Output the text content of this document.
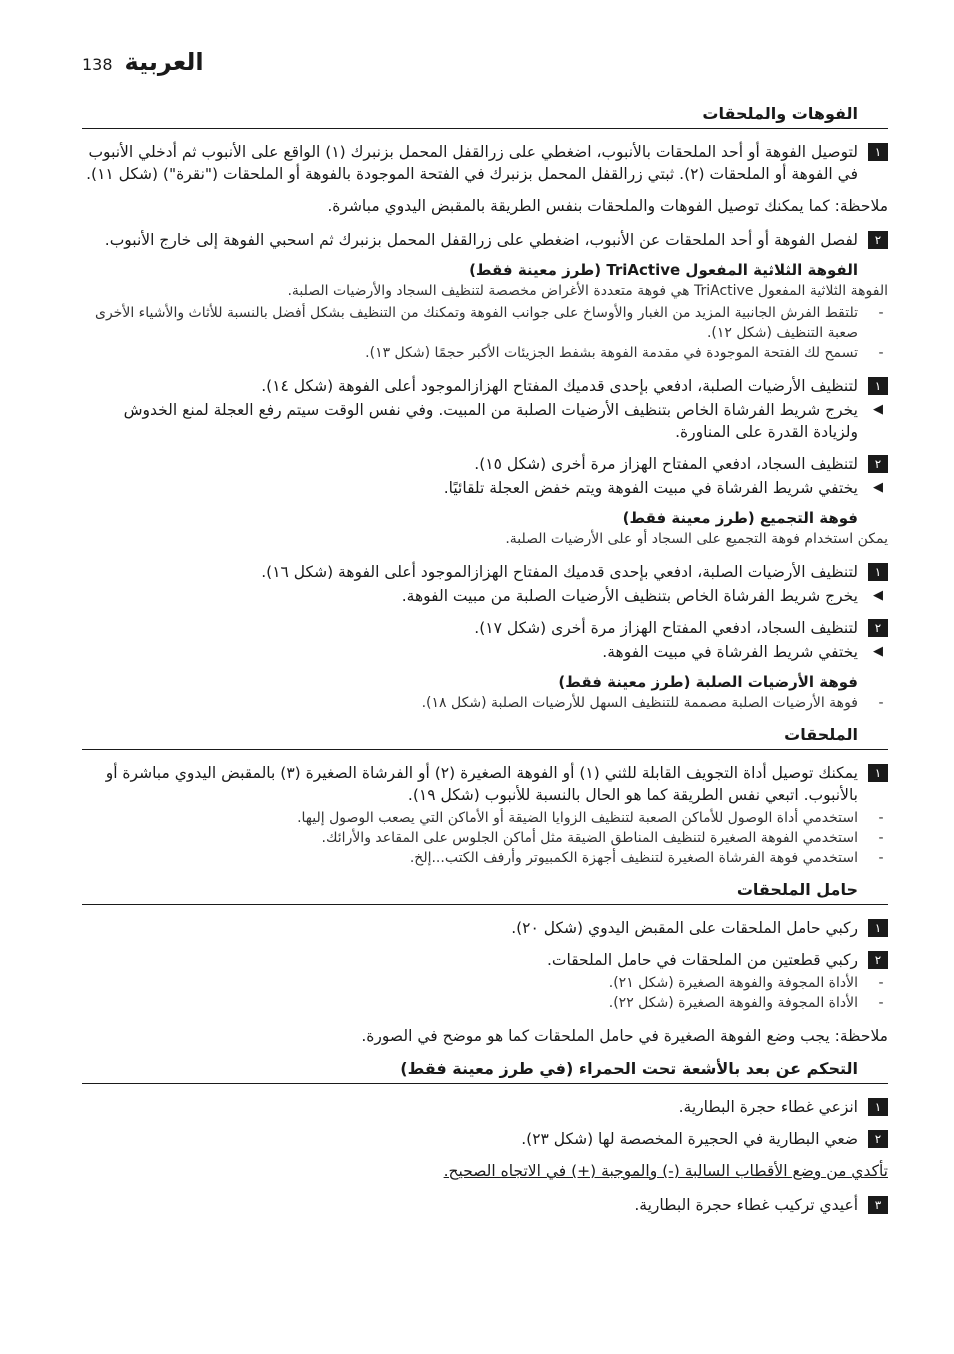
138 العربية
الفوهات والملحقات
١
لتوصيل الفوهة أو أحد الملحقات بالأنبوب، اضغطي على زرالقفل المحمل بزنبرك (١) الواقع على الأنبوب ثم أدخلي الأنبوب في الفوهة أو الملحقات (٢). ثبتي زرالقفل المحمل بزنبرك في الفتحة الموجودة بالفوهة أو الملحقات ("نقرة") (شكل ١١).
ملاحظة: كما يمكنك توصيل الفوهات والملحقات بنفس الطريقة بالمقبض اليدوي مباشرة.
٢
لفصل الفوهة أو أحد الملحقات عن الأنبوب، اضغطي على زرالقفل المحمل بزنبرك ثم اسحبي الفوهة إلى خارج الأنبوب.
الفوهة الثلاثية المفعول TriActive (طرز معينة فقط)
الفوهة الثلاثية المفعول TriActive هي فوهة متعددة الأغراض مخصصة لتنظيف السجاد والأرضيات الصلبة.
-
تلتقط الفرش الجانبية المزيد من الغبار والأوساخ على جوانب الفوهة وتمكنك من التنظيف بشكل أفضل بالنسبة للأثاث والأشياء الأخرى صعبة التنظيف (شكل ١٢).
-
تسمح لك الفتحة الموجودة في مقدمة الفوهة بشفط الجزيئات الأكبر حجمًا (شكل ١٣).
١
لتنظيف الأرضيات الصلبة، ادفعي بإحدى قدميك المفتاح الهزازالموجود أعلى الفوهة (شكل ١٤).
◀
يخرج شريط الفرشاة الخاص بتنظيف الأرضيات الصلبة من المبيت. وفي نفس الوقت سيتم رفع العجلة لمنع الخدوش ولزيادة القدرة على المناورة.
٢
لتنظيف السجاد، ادفعي المفتاح الهزاز مرة أخرى (شكل ١٥).
◀
يختفي شريط الفرشاة في مبيت الفوهة ويتم خفض العجلة تلقائيًا.
فوهة التجميع (طرز معينة فقط)
يمكن استخدام فوهة التجميع على السجاد أو على الأرضيات الصلبة.
١
لتنظيف الأرضيات الصلبة، ادفعي بإحدى قدميك المفتاح الهزازالموجود أعلى الفوهة (شكل ١٦).
◀
يخرج شريط الفرشاة الخاص بتنظيف الأرضيات الصلبة من مبيت الفوهة.
٢
لتنظيف السجاد، ادفعي المفتاح الهزاز مرة أخرى (شكل ١٧).
◀
يختفي شريط الفرشاة في مبيت الفوهة.
فوهة الأرضيات الصلبة (طرز معينة فقط)
-
فوهة الأرضيات الصلبة مصممة للتنظيف السهل للأرضيات الصلبة (شكل ١٨).
الملحقات
١
يمكنك توصيل أداة التجويف القابلة للثني (١) أو الفوهة الصغيرة (٢) أو الفرشاة الصغيرة (٣) بالمقبض اليدوي مباشرة أو بالأنبوب. اتبعي نفس الطريقة كما هو الحال بالنسبة للأنبوب (شكل ١٩).
-
استخدمي أداة الوصول للأماكن الصعبة لتنظيف الزوايا الضيقة أو الأماكن التي يصعب الوصول إليها.
-
استخدمي الفوهة الصغيرة لتنظيف المناطق الضيقة مثل أماكن الجلوس على المقاعد والأرائك.
-
استخدمي فوهة الفرشاة الصغيرة لتنظيف أجهزة الكمبيوتر وأرفف الكتب...إلخ.
حامل الملحقات
١
ركبي حامل الملحقات على المقبض اليدوي (شكل ٢٠).
٢
ركبي قطعتين من الملحقات في حامل الملحقات.
-
الأداة المجوفة والفوهة الصغيرة (شكل ٢١).
-
الأداة المجوفة والفوهة الصغيرة (شكل ٢٢).
ملاحظة: يجب وضع الفوهة الصغيرة في حامل الملحقات كما هو موضح في الصورة.
التحكم عن بعد بالأشعة تحت الحمراء (في طرز معينة فقط)
١
انزعي غطاء حجرة البطارية.
٢
ضعي البطارية في الحجيرة المخصصة لها (شكل ٢٣).
تأكدي من وضع الأقطاب السالبة (-) والموجبة (+) في الاتجاه الصحيح.
٣
أعيدي تركيب غطاء حجرة البطارية.
